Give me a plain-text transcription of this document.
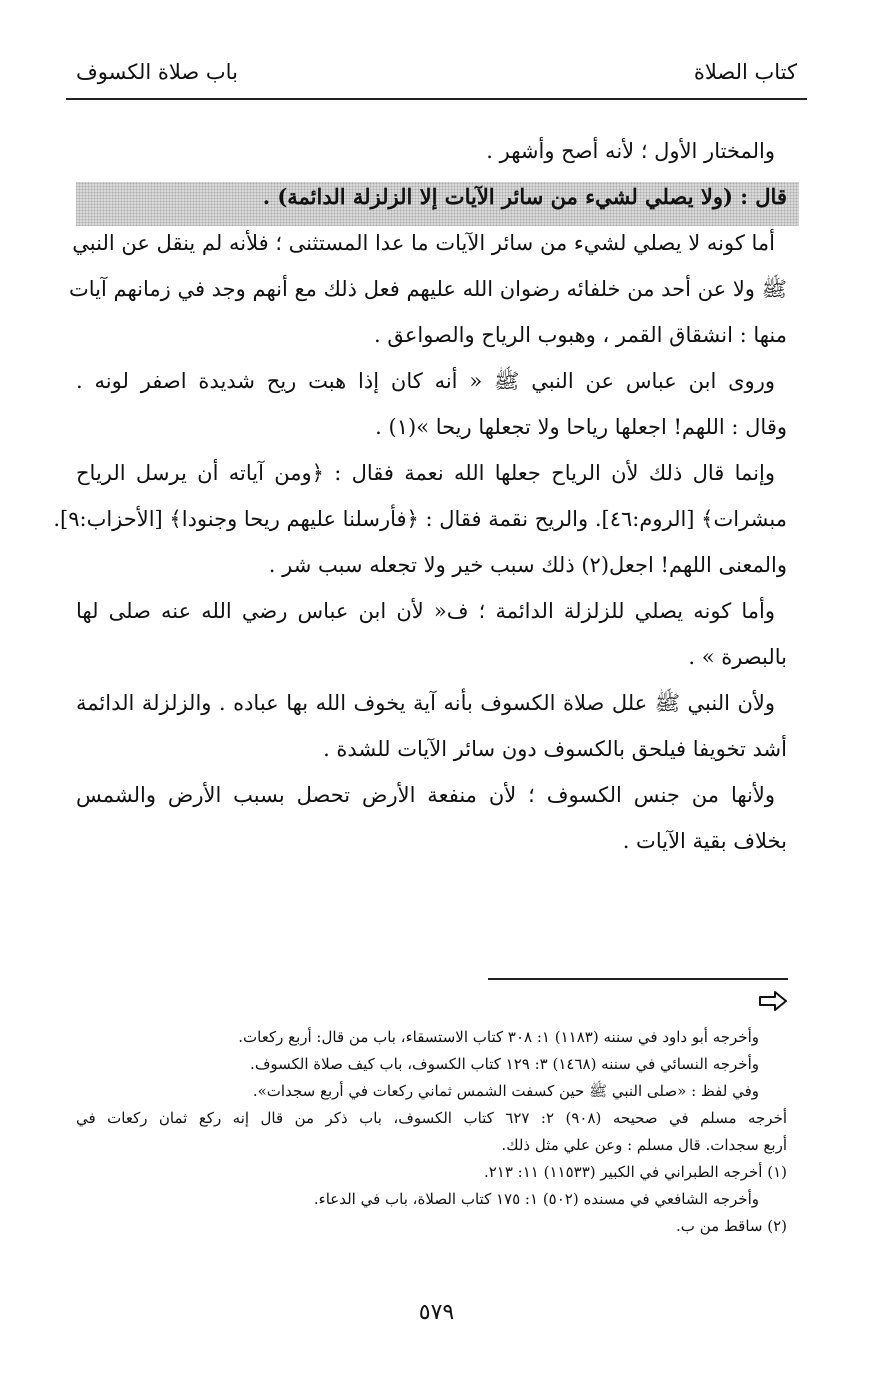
كتاب الصلاة
باب صلاة الكسوف
والمختار الأول ؛ لأنه أصح وأشهر .
قال : (ولا يصلي لشيء من سائر الآيات إلا الزلزلة الدائمة) .
أما كونه لا يصلي لشيء من سائر الآيات ما عدا المستثنى ؛ فلأنه لم ينقل عن النبي
ﷺ ولا عن أحد من خلفائه رضوان الله عليهم فعل ذلك مع أنهم وجد في زمانهم آيات
منها : انشقاق القمر ، وهبوب الرياح والصواعق .
وروى ابن عباس عن النبي ﷺ « أنه كان إذا هبت ريح شديدة اصفر لونه .
وقال : اللهم! اجعلها رياحا ولا تجعلها ريحا »(١) .
وإنما قال ذلك لأن الرياح جعلها الله نعمة فقال : ﴿ومن آياته أن يرسل الرياح
مبشرات﴾ [الروم:٤٦]. والريح نقمة فقال : ﴿فأرسلنا عليهم ريحا وجنودا﴾ [الأحزاب:٩].
والمعنى اللهم! اجعل(٢) ذلك سبب خير ولا تجعله سبب شر .
وأما كونه يصلي للزلزلة الدائمة ؛ ف« لأن ابن عباس رضي الله عنه صلى لها
بالبصرة » .
ولأن النبي ﷺ علل صلاة الكسوف بأنه آية يخوف الله بها عباده . والزلزلة الدائمة
أشد تخويفا فيلحق بالكسوف دون سائر الآيات للشدة .
ولأنها من جنس الكسوف ؛ لأن منفعة الأرض تحصل بسبب الأرض والشمس
بخلاف بقية الآيات .
وأخرجه أبو داود في سننه (١١٨٣) ١: ٣٠٨ كتاب الاستسقاء، باب من قال: أربع ركعات.
وأخرجه النسائي في سننه (١٤٦٨) ٣: ١٢٩ كتاب الكسوف، باب كيف صلاة الكسوف.
وفي لفظ : «صلى النبي ﷺ حين كسفت الشمس ثماني ركعات في أربع سجدات».
أخرجه مسلم في صحيحه (٩٠٨) ٢: ٦٢٧ كتاب الكسوف، باب ذكر من قال إنه ركع ثمان ركعات في
أربع سجدات. قال مسلم : وعن علي مثل ذلك.
(١) أخرجه الطبراني في الكبير (١١٥٣٣) ١١: ٢١٣.
وأخرجه الشافعي في مسنده (٥٠٢) ١: ١٧٥ كتاب الصلاة، باب في الدعاء.
(٢) ساقط من ب.
٥٧٩
